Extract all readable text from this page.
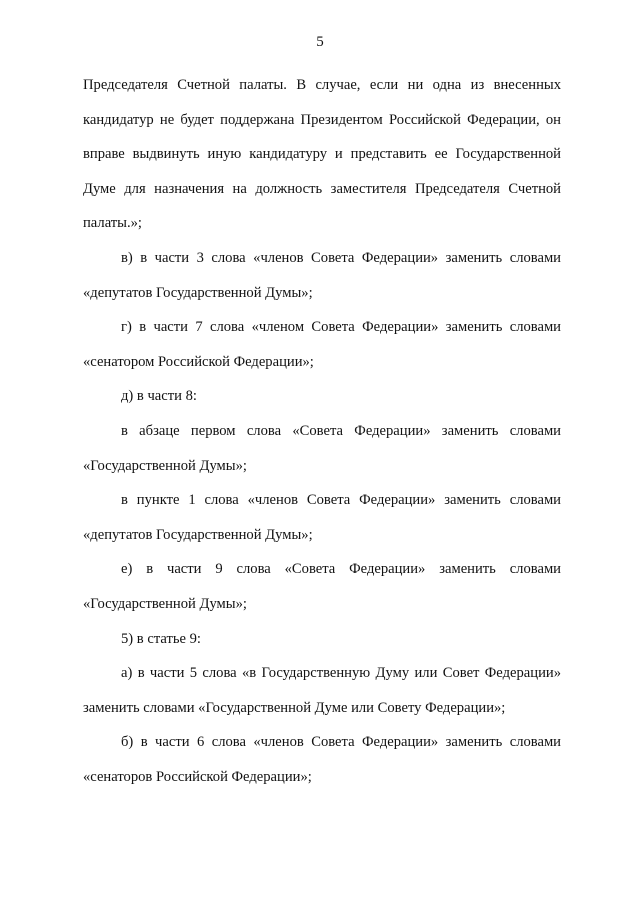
5

Председателя Счетной палаты. В случае, если ни одна из внесенных кандидатур не будет поддержана Президентом Российской Федерации, он вправе выдвинуть иную кандидатуру и представить ее Государственной Думе для назначения на должность заместителя Председателя Счетной палаты.»;

в) в части 3 слова «членов Совета Федерации» заменить словами «депутатов Государственной Думы»;

г) в части 7 слова «членом Совета Федерации» заменить словами «сенатором Российской Федерации»;

д) в части 8:

в абзаце первом слова «Совета Федерации» заменить словами «Государственной Думы»;

в пункте 1 слова «членов Совета Федерации» заменить словами «депутатов Государственной Думы»;

е) в части 9 слова «Совета Федерации» заменить словами «Государственной Думы»;

5) в статье 9:

а) в части 5 слова «в Государственную Думу или Совет Федерации» заменить словами «Государственной Думе или Совету Федерации»;

б) в части 6 слова «членов Совета Федерации» заменить словами «сенаторов Российской Федерации»;
